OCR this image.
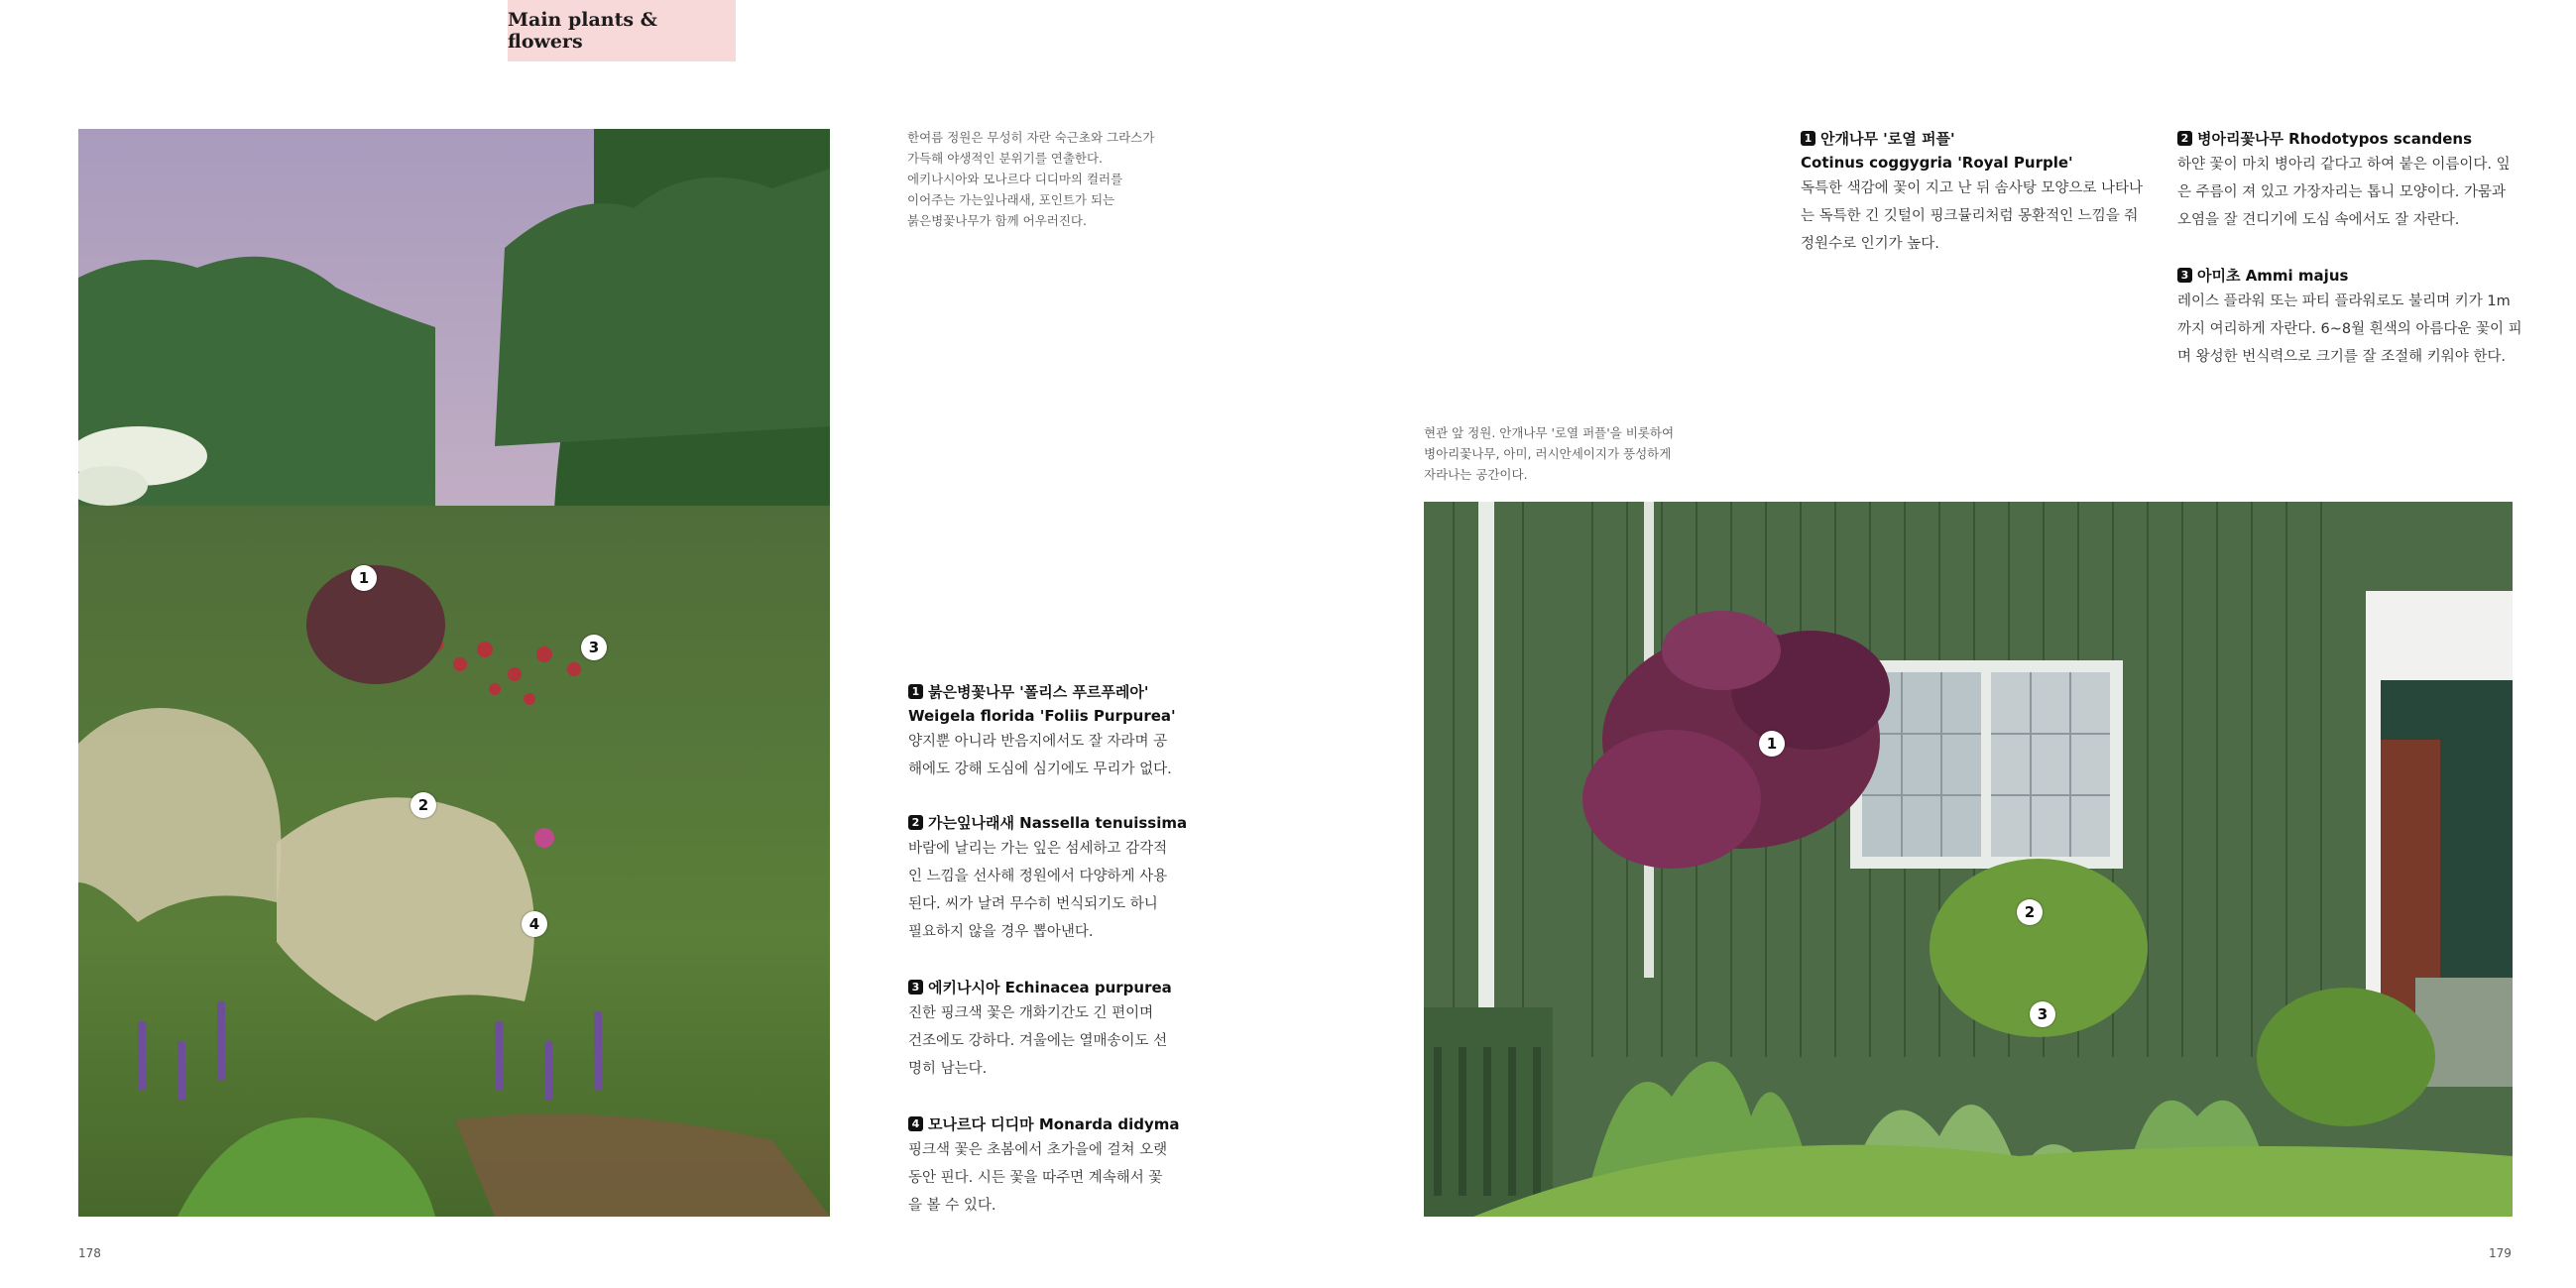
Main plants & flowers
1
2
3
4
한여름 정원은 무성히 자란 숙근초와 그라스가
가득해 야생적인 분위기를 연출한다.
에키나시아와 모나르다 디디마의 컬러를
이어주는 가는잎나래새, 포인트가 되는
붉은병꽃나무가 함께 어우러진다.
1 붉은병꽃나무 '폴리스 푸르푸레아'
Weigela florida 'Foliis Purpurea'
양지뿐 아니라 반음지에서도 잘 자라며 공
해에도 강해 도심에 심기에도 무리가 없다.
2 가는잎나래새 Nassella tenuissima
바람에 날리는 가는 잎은 섬세하고 감각적
인 느낌을 선사해 정원에서 다양하게 사용
된다. 씨가 날려 무수히 번식되기도 하니
필요하지 않을 경우 뽑아낸다.
3 에키나시아 Echinacea purpurea
진한 핑크색 꽃은 개화기간도 긴 편이며
건조에도 강하다. 겨울에는 열매송이도 선
명히 남는다.
4 모나르다 디디마 Monarda didyma
핑크색 꽃은 초봄에서 초가을에 걸쳐 오랫
동안 핀다. 시든 꽃을 따주면 계속해서 꽃
을 볼 수 있다.
1 안개나무 '로열 퍼플'
Cotinus coggygria 'Royal Purple'
독특한 색감에 꽃이 지고 난 뒤 솜사탕 모양으로 나타나
는 독특한 긴 깃털이 핑크뮬리처럼 몽환적인 느낌을 줘
정원수로 인기가 높다.
2 병아리꽃나무 Rhodotypos scandens
하얀 꽃이 마치 병아리 같다고 하여 붙은 이름이다. 잎
은 주름이 져 있고 가장자리는 톱니 모양이다. 가뭄과
오염을 잘 견디기에 도심 속에서도 잘 자란다.
3 아미초 Ammi majus
레이스 플라워 또는 파티 플라워로도 불리며 키가 1m
까지 여리하게 자란다. 6~8월 흰색의 아름다운 꽃이 피
며 왕성한 번식력으로 크기를 잘 조절해 키워야 한다.
현관 앞 정원. 안개나무 '로열 퍼플'을 비롯하여
병아리꽃나무, 아미, 러시안세이지가 풍성하게
자라나는 공간이다.
1
2
3
178	179
